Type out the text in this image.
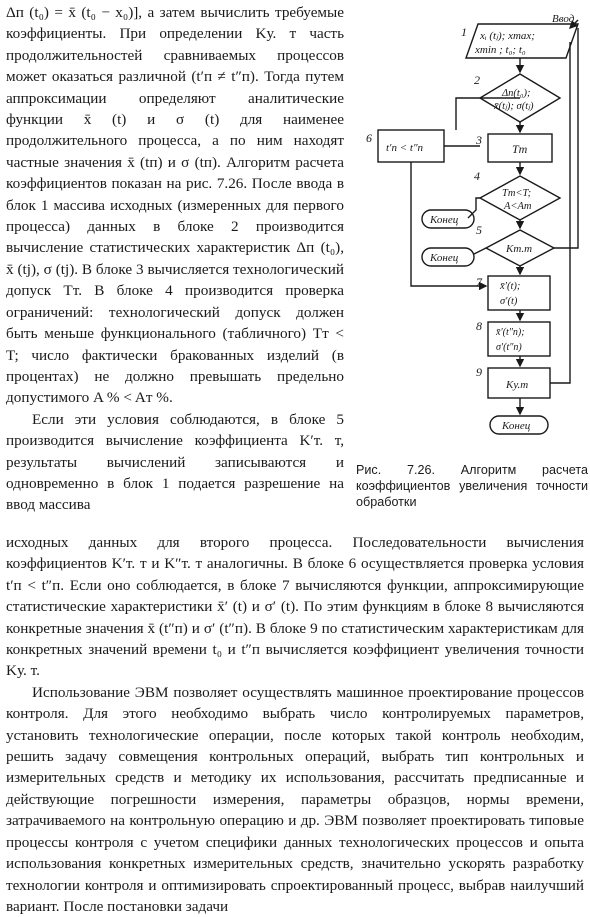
Δп (t₀) = x̄ (t₀ − x₀)], а затем вычислить требуемые коэффициенты. При определении Kу. т часть продолжительностей сравниваемых процессов может оказаться различной (t′п ≠ t″п). Тогда путем аппроксимации определяют аналитические функции x̄ (t) и σ (t) для наименее продолжительного процесса, а по ним находят частные значения x̄ (tп) и σ (tп). Алгоритм расчета коэффициентов показан на рис. 7.26. После ввода в блок 1 массива исходных (измеренных для первого процесса) данных в блоке 2 производится вычисление статистических характеристик Δп (t₀), x̄ (tj), σ (tj). В блоке 3 вычисляется технологический допуск Tт. В блоке 4 производится проверка ограничений: технологический допуск должен быть меньше функционального (табличного) Tт < T; число фактически бракованных изделий (в процентах) не должно превышать предельно допустимого A % < Aт %.

Если эти условия соблюдаются, в блоке 5 производится вычисление коэффициента K′т. т, результаты вычислений записываются и одновременно в блок 1 подается разрешение на ввод массива

1 xᵢ (tⱼ); xmax;
xmin ; t₀; t₀
Ввод
2
Δп(t₀);
x̄(tⱼ); σ(tⱼ)
3
Tт
4
Tт<T;
A<Aт
Конец
5
Kт.т
Конец
6
t′п < t″п
7 x̄′(t);
σ′(t)
8 x̄′(t″п);
σ′(t″п)
9
Kу.т
Конец
Рис. 7.26. Алгоритм расчета коэффициентов увеличения точности обработки

исходных данных для второго процесса. Последовательности вычисления коэффициентов K′т. т и K″т. т аналогичны. В блоке 6 осуществляется проверка условия t′п < t″п. Если оно соблюдается, в блоке 7 вычисляются функции, аппроксимирующие статистические характеристики x̄′ (t) и σ′ (t). По этим функциям в блоке 8 вычисляются конкретные значения x̄ (t″п) и σ′ (t″п). В блоке 9 по статистическим характеристикам для конкретных значений времени t₀ и t″п вычисляется коэффициент увеличения точности Kу. т.

Использование ЭВМ позволяет осуществлять машинное проектирование процессов контроля. Для этого необходимо выбрать число контролируемых параметров, установить технологические операции, после которых такой контроль необходим, решить задачу совмещения контрольных операций, выбрать тип контрольных и измерительных средств и методику их использования, рассчитать предписанные и действующие погрешности измерения, параметры образцов, нормы времени, затрачиваемого на контрольную операцию и др. ЭВМ позволяет проектировать типовые процессы контроля с учетом специфики данных технологических процессов и опыта использования конкретных измерительных средств, значительно ускорять разработку технологии контроля и оптимизировать спроектированный процесс, выбрав наилучший вариант. После постановки задачи
